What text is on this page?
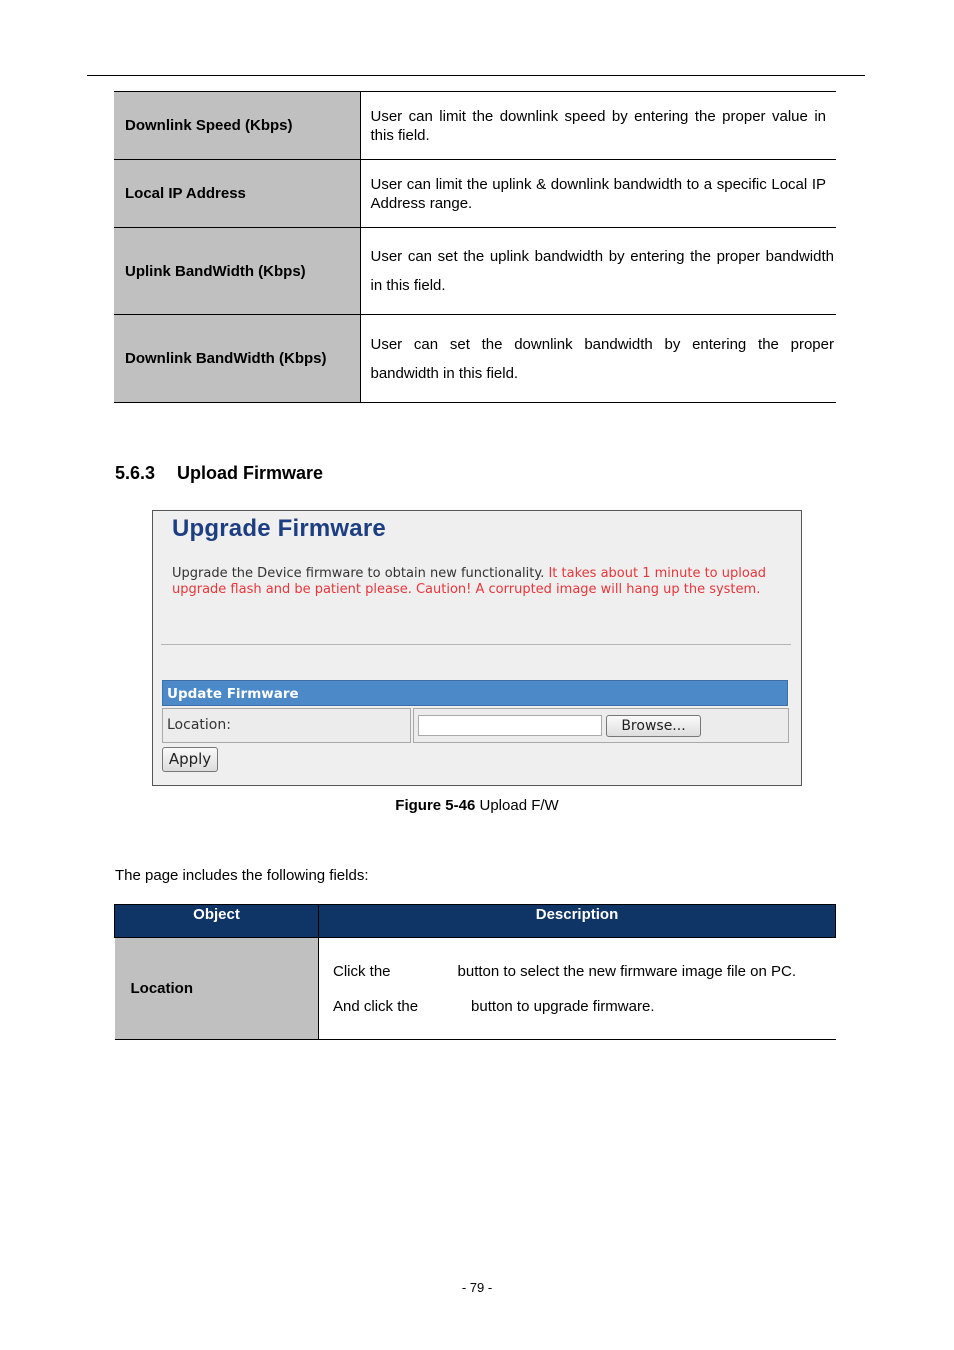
Downlink Speed (Kbps)	User can limit the downlink speed by entering the proper value in this field.
Local IP Address	User can limit the uplink & downlink bandwidth to a specific Local IP Address range.
Uplink BandWidth (Kbps)	User can set the uplink bandwidth by entering the proper bandwidth in this field.
Downlink BandWidth (Kbps)	User can set the downlink bandwidth by entering the proper bandwidth in this field.
5.6.3 Upload Firmware
Upgrade Firmware
Upgrade the Device firmware to obtain new functionality. It takes about 1 minute to upload upgrade flash and be patient please. Caution! A corrupted image will hang up the system.
Update Firmware
Location:	Browse...
Apply
Figure 5-46 Upload F/W
The page includes the following fields:
Object	Description
Location	Click the button to select the new firmware image file on PC.
And click the button to upgrade firmware.
- 79 -
